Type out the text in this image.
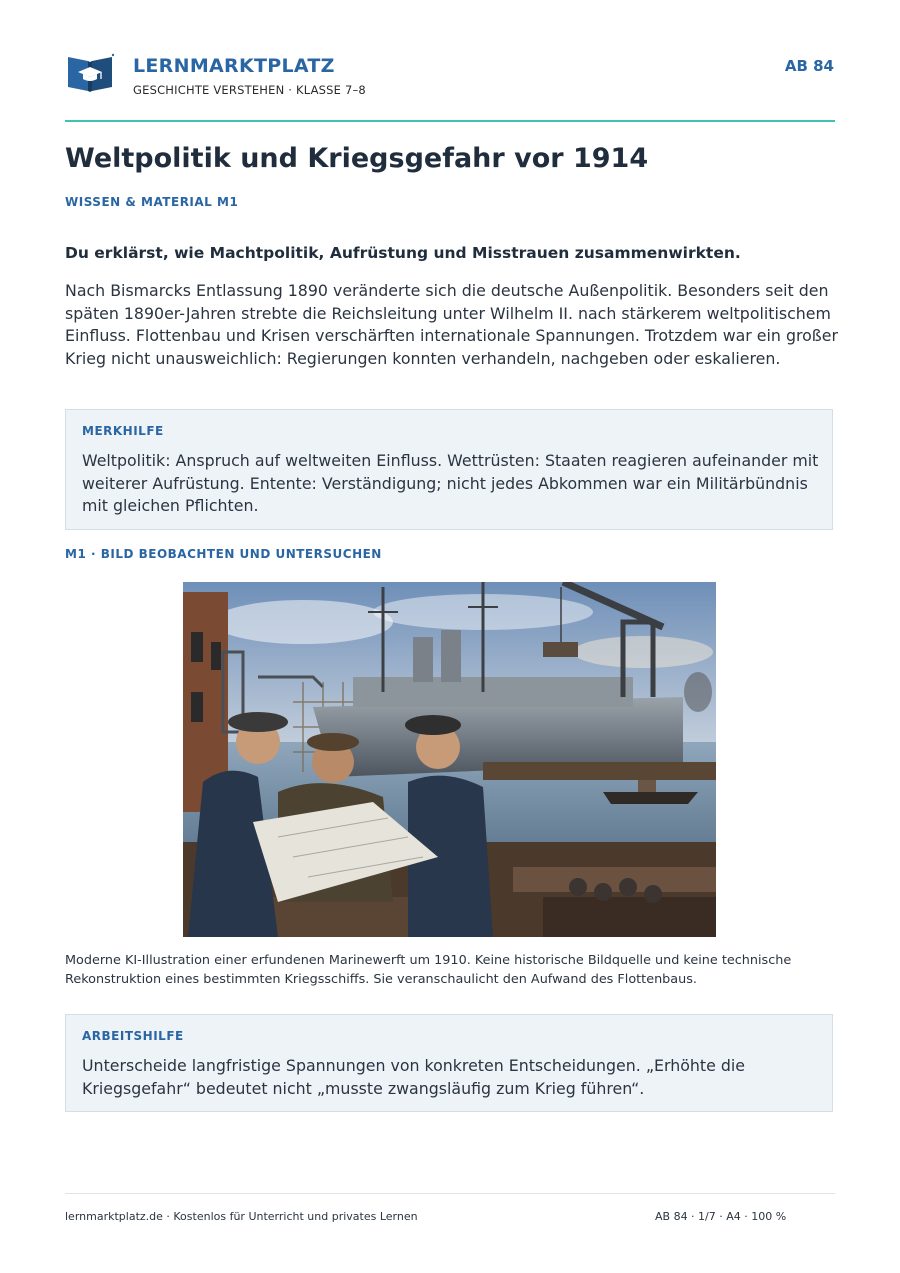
LERNMARKTPLATZ
GESCHICHTE VERSTEHEN · KLASSE 7–8
AB 84
Weltpolitik und Kriegsgefahr vor 1914
WISSEN & MATERIAL M1
Du erklärst, wie Machtpolitik, Aufrüstung und Misstrauen zusammenwirkten.

Nach Bismarcks Entlassung 1890 veränderte sich die deutsche Außenpolitik. Besonders seit den späten 1890er-Jahren strebte die Reichsleitung unter Wilhelm II. nach stärkerem weltpolitischem Einfluss. Flottenbau und Krisen verschärften internationale Spannungen. Trotzdem war ein großer Krieg nicht unausweichlich: Regierungen konnten verhandeln, nachgeben oder eskalieren.

MERKHILFE

Weltpolitik: Anspruch auf weltweiten Einfluss. Wettrüsten: Staaten reagieren aufeinander mit weiterer Aufrüstung. Entente: Verständigung; nicht jedes Abkommen war ein Militärbündnis mit gleichen Pflichten.

M1 · BILD BEOBACHTEN UND UNTERSUCHEN

Moderne KI-Illustration einer erfundenen Marinewerft um 1910. Keine historische Bildquelle und keine technische Rekonstruktion eines bestimmten Kriegsschiffs. Sie veranschaulicht den Aufwand des Flottenbaus.

ARBEITSHILFE

Unterscheide langfristige Spannungen von konkreten Entscheidungen. „Erhöhte die Kriegsgefahr“ bedeutet nicht „musste zwangsläufig zum Krieg führen“.

lernmarktplatz.de · Kostenlos für Unterricht und privates Lernen	AB 84 · 1/7 · A4 · 100 %
